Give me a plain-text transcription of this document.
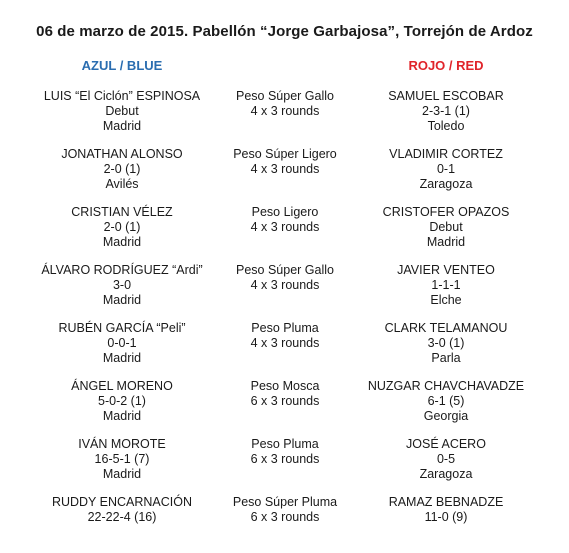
06 de marzo de 2015. Pabellón “Jorge Garbajosa”, Torrejón de Ardoz
AZUL / BLUE	ROJO / RED
LUIS “El Ciclón” ESPINOSA
Debut
Madrid
Peso Súper Gallo
4 x 3 rounds
SAMUEL ESCOBAR
2-3-1 (1)
Toledo
JONATHAN ALONSO
2-0 (1)
Avilés
Peso Súper Ligero
4 x 3 rounds
VLADIMIR CORTEZ
0-1
Zaragoza
CRISTIAN VÉLEZ
2-0 (1)
Madrid
Peso Ligero
4 x 3 rounds
CRISTOFER OPAZOS
Debut
Madrid
ÁLVARO RODRÍGUEZ “Ardi”
3-0
Madrid
Peso Súper Gallo
4 x 3 rounds
JAVIER VENTEO
1-1-1
Elche
RUBÉN GARCÍA “Peli”
0-0-1
Madrid
Peso Pluma
4 x 3 rounds
CLARK TELAMANOU
3-0 (1)
Parla
ÁNGEL MORENO
5-0-2 (1)
Madrid
Peso Mosca
6 x 3 rounds
NUZGAR CHAVCHAVADZE
6-1 (5)
Georgia
IVÁN MOROTE
16-5-1 (7)
Madrid
Peso Pluma
6 x 3 rounds
JOSÉ ACERO
0-5
Zaragoza
RUDDY ENCARNACIÓN
22-22-4 (16)
Peso Súper Pluma
6 x 3 rounds
RAMAZ BEBNADZE
11-0 (9)
